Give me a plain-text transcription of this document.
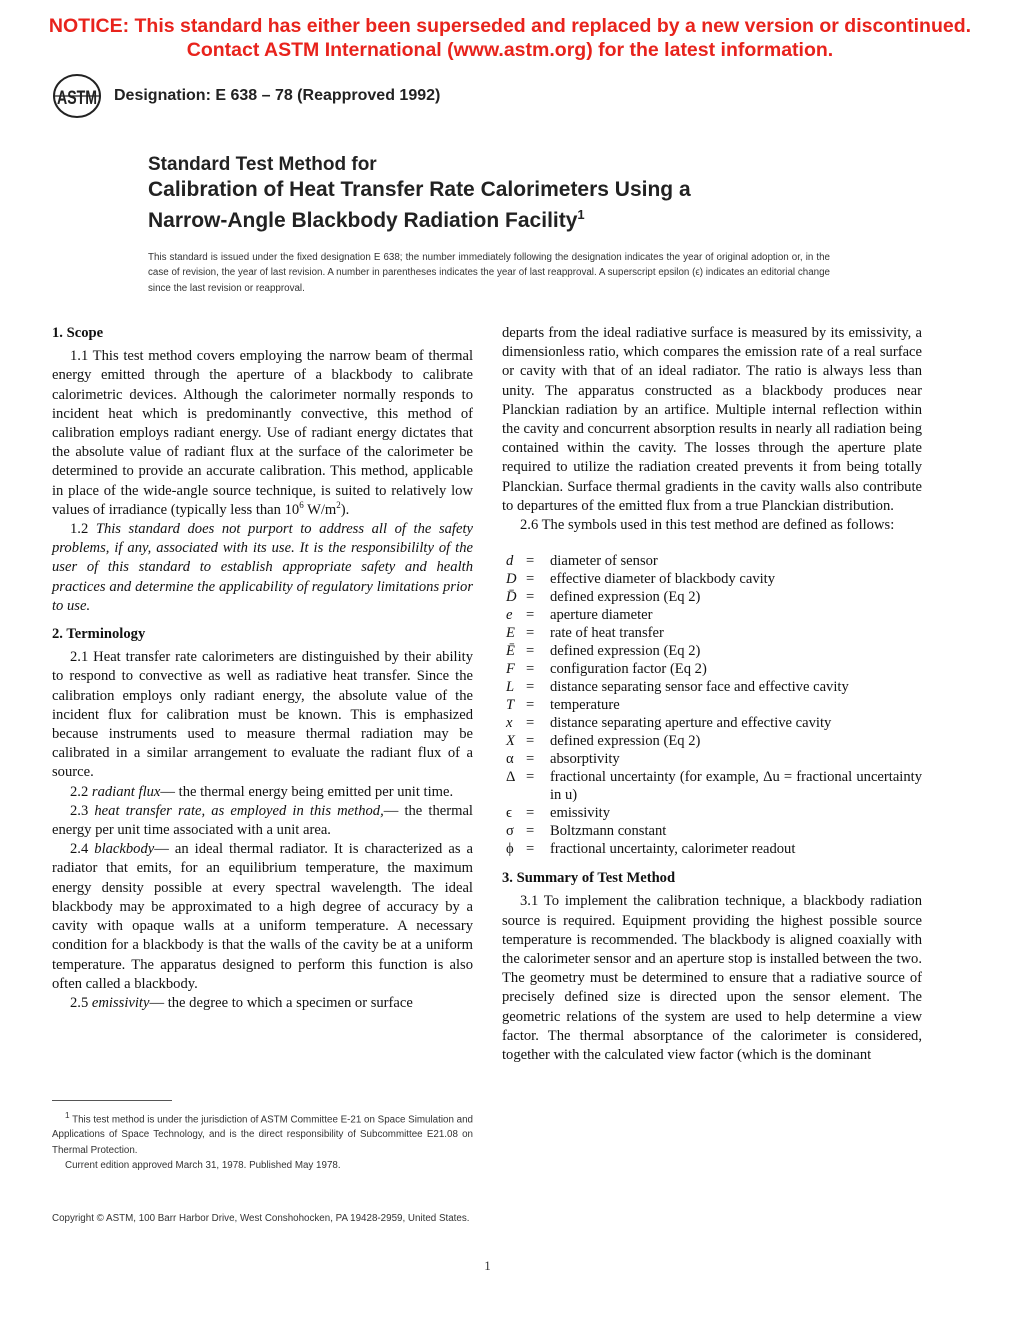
NOTICE: This standard has either been superseded and replaced by a new version or discontinued.
Contact ASTM International (www.astm.org) for the latest information.
ASTM Designation: E 638 – 78 (Reapproved 1992)
Standard Test Method for
Calibration of Heat Transfer Rate Calorimeters Using a
Narrow-Angle Blackbody Radiation Facility$^1$
This standard is issued under the fixed designation E 638; the number immediately following the designation indicates the year of original adoption or, in the case of revision, the year of last revision. A number in parentheses indicates the year of last reapproval. A superscript epsilon (ϵ) indicates an editorial change since the last revision or reapproval.
1. Scope

1.1 This test method covers employing the narrow beam of thermal energy emitted through the aperture of a blackbody to calibrate calorimetric devices. Although the calorimeter normally responds to incident heat which is predominantly convective, this method of calibration employs radiant energy. Use of radiant energy dictates that the absolute value of radiant flux at the surface of the calorimeter be determined to provide an accurate calibration. This method, applicable in place of the wide-angle source technique, is suited to relatively low values of irradiance (typically less than $10^6$ $W/m^2$).

1.2 This standard does not purport to address all of the safety problems, if any, associated with its use. It is the responsibililty of the user of this standard to establish appropriate safety and health practices and determine the applicability of regulatory limitations prior to use.

2. Terminology

2.1 Heat transfer rate calorimeters are distinguished by their ability to respond to convective as well as radiative heat transfer. Since the calibration employs only radiant energy, the absolute value of the incident flux for calibration must be known. This is emphasized because instruments used to measure thermal radiation may be calibrated in a similar arrangement to evaluate the radiant flux of a source.

2.2 radiant flux— the thermal energy being emitted per unit time.

2.3 heat transfer rate, as employed in this method,— the thermal energy per unit time associated with a unit area.

2.4 blackbody— an ideal thermal radiator. It is characterized as a radiator that emits, for an equilibrium temperature, the maximum energy density possible at every spectral wavelength. The ideal blackbody may be approximated to a high degree of accuracy by a cavity with opaque walls at a uniform temperature. A necessary condition for a blackbody is that the walls of the cavity be at a uniform temperature. The apparatus designed to perform this function is also often called a blackbody.

2.5 emissivity— the degree to which a specimen or surface

departs from the ideal radiative surface is measured by its emissivity, a dimensionless ratio, which compares the emission rate of a real surface or cavity with that of an ideal radiator. The ratio is always less than unity. The apparatus constructed as a blackbody produces near Planckian radiation by an artifice. Multiple internal reflection within the cavity and concurrent absorption results in nearly all radiation being contained within the cavity. The losses through the aperture plate required to utilize the radiation created prevents it from being totally Planckian. Surface thermal gradients in the cavity walls also contribute to departures of the emitted flux from a true Planckian distribution.

2.6 The symbols used in this test method are defined as follows:

d =	diameter of sensor
D =	effective diameter of blackbody cavity
D̄ =	defined expression (Eq 2)
e =	aperture diameter
E =	rate of heat transfer
Ē =	defined expression (Eq 2)
F =	configuration factor (Eq 2)
L =	distance separating sensor face and effective cavity
T =	temperature
x =	distance separating aperture and effective cavity
X =	defined expression (Eq 2)
α =	absorptivity
Δ =	fractional uncertainty (for example, Δu = fractional uncertainty in u)
ϵ =	emissivity
σ =	Boltzmann constant
ϕ =	fractional uncertainty, calorimeter readout
3. Summary of Test Method

3.1 To implement the calibration technique, a blackbody radiation source is required. Equipment providing the highest possible source temperature is recommended. The blackbody is aligned coaxially with the calorimeter sensor and an aperture stop is installed between the two. The geometry must be determined to ensure that a radiative source of precisely defined size is directed upon the sensor element. The geometric relations of the system are used to help determine a view factor. The thermal absorptance of the calorimeter is considered, together with the calculated view factor (which is the dominant

$^1$ This test method is under the jurisdiction of ASTM Committee E-21 on Space Simulation and Applications of Space Technology, and is the direct responsibility of Subcommittee E21.08 on Thermal Protection.

Current edition approved March 31, 1978. Published May 1978.

Copyright © ASTM, 100 Barr Harbor Drive, West Conshohocken, PA 19428-2959, United States.
1
